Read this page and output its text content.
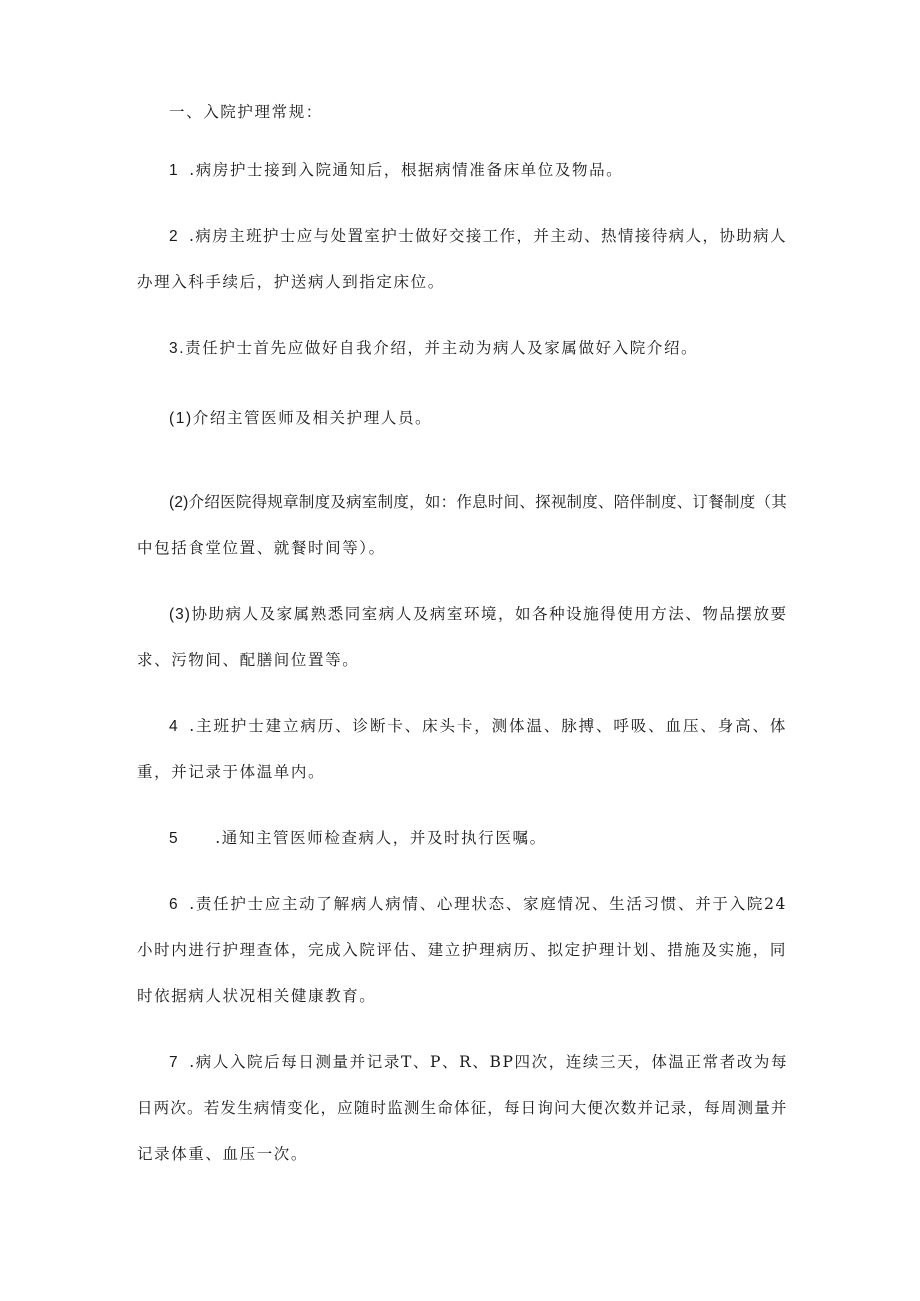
一、入院护理常规：
1 .病房护士接到入院通知后，根据病情准备床单位及物品。
2 .病房主班护士应与处置室护士做好交接工作，并主动、热情接待病人，协助病人
办理入科手续后，护送病人到指定床位。
3.责任护士首先应做好自我介绍，并主动为病人及家属做好入院介绍。
(1)介绍主管医师及相关护理人员。
(2)介绍医院得规章制度及病室制度，如：作息时间、探视制度、陪伴制度、订餐制度（其
中包括食堂位置、就餐时间等）。
(3)协助病人及家属熟悉同室病人及病室环境，如各种设施得使用方法、物品摆放要
求、污物间、配膳间位置等。
4 .主班护士建立病历、诊断卡、床头卡，测体温、脉搏、呼吸、血压、身高、体
重，并记录于体温单内。
5 .通知主管医师检查病人，并及时执行医嘱。
6 .责任护士应主动了解病人病情、心理状态、家庭情况、生活习惯、并于入院24
小时内进行护理查体，完成入院评估、建立护理病历、拟定护理计划、措施及实施，同
时依据病人状况相关健康教育。
7 .病人入院后每日测量并记录T、P、R、BP四次，连续三天，体温正常者改为每
日两次。若发生病情变化，应随时监测生命体征，每日询问大便次数并记录，每周测量并
记录体重、血压一次。
